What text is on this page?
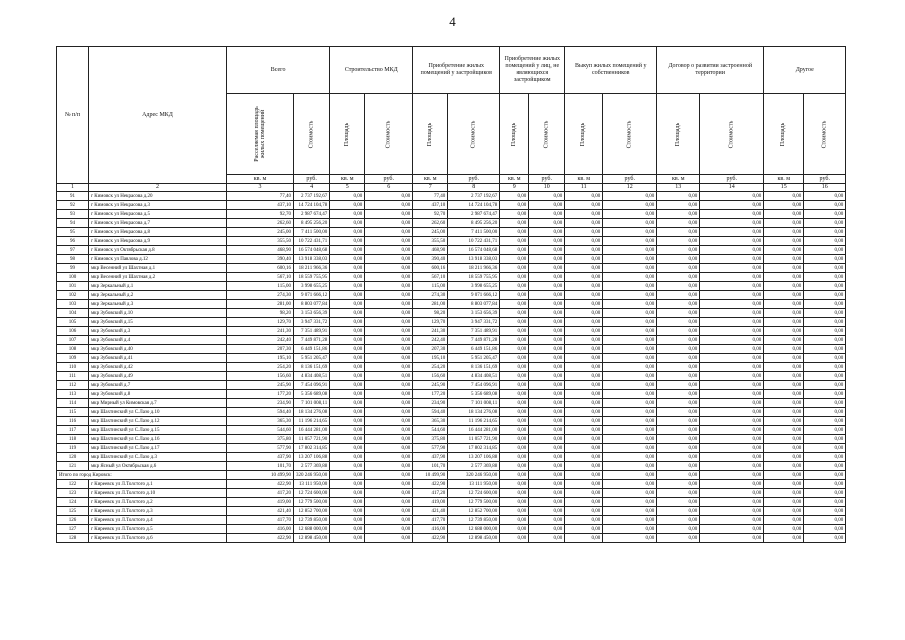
4
№ п/п	Адрес МКД	Всего		Строительство МКД		Приобретение жилых помещений у застройщиков		Приобретение жилых помещений у лиц, не являющихся застройщиком		Выкуп жилых помещений у собственников		Договор о развитии застроенной территории		Другое	
		Расселяемая площадь жилых помещений	Стоимость	Площадь	Стоимость	Площадь	Стоимость	Площадь	Стоимость	Площадь	Стоимость	Площадь	Стоимость	Площадь	Стоимость
		кв. м	руб.	кв. м	руб.	кв. м	руб.	кв. м	руб.	кв. м	руб.	кв. м	руб.	кв. м	руб.
1	2	3	4	5	6	7	8	9	10	11	12	13	14	15	16
91	г Кимовск ул Некрасова д.20	77,40	2 737 192,67	0,00	0,00	77,40	2 737 192,67	0,00	0,00	0,00	0,00	0,00	0,00	0,00	0,00
92	г Кимовск ул Некрасова д.3	437,10	14 724 104,78	0,00	0,00	437,10	14 724 104,78	0,00	0,00	0,00	0,00	0,00	0,00	0,00	0,00
93	г Кимовск ул Некрасова д.5	92,70	2 987 674,47	0,00	0,00	92,70	2 987 674,47	0,00	0,00	0,00	0,00	0,00	0,00	0,00	0,00
94	г Кимовск ул Некрасова д.7	262,60	8 495 256,20	0,00	0,00	262,60	8 495 256,20	0,00	0,00	0,00	0,00	0,00	0,00	0,00	0,00
95	г Кимовск ул Некрасова д.8	245,00	7 411 500,00	0,00	0,00	245,00	7 411 500,00	0,00	0,00	0,00	0,00	0,00	0,00	0,00	0,00
96	г Кимовск ул Некрасова д.9	355,50	10 722 431,71	0,00	0,00	355,50	10 722 431,71	0,00	0,00	0,00	0,00	0,00	0,00	0,00	0,00
97	г Кимовск ул Октябрьская д.8	468,90	16 574 048,68	0,00	0,00	468,90	16 574 048,68	0,00	0,00	0,00	0,00	0,00	0,00	0,00	0,00
98	г Кимовск ул Павлова д.12	390,40	13 918 338,03	0,00	0,00	390,40	13 918 338,03	0,00	0,00	0,00	0,00	0,00	0,00	0,00	0,00
99	мкр Весенний ул Шахтная д.1	600,16	18 211 966,36	0,00	0,00	600,16	18 211 966,36	0,00	0,00	0,00	0,00	0,00	0,00	0,00	0,00
100	мкр Весенний ул Шахтная д.2	567,10	18 559 755,95	0,00	0,00	567,10	18 559 755,95	0,00	0,00	0,00	0,00	0,00	0,00	0,00	0,00
101	мкр Зеркальный д.1	115,00	3 998 655,25	0,00	0,00	115,00	3 998 655,25	0,00	0,00	0,00	0,00	0,00	0,00	0,00	0,00
102	мкр Зеркальный д.2	274,30	9 071 666,12	0,00	0,00	274,30	9 071 666,12	0,00	0,00	0,00	0,00	0,00	0,00	0,00	0,00
103	мкр Зеркальный д.3	281,00	8 803 077,84	0,00	0,00	281,00	8 803 077,84	0,00	0,00	0,00	0,00	0,00	0,00	0,00	0,00
104	мкр Зубовский д.10	98,20	3 153 656,39	0,00	0,00	98,20	3 153 656,39	0,00	0,00	0,00	0,00	0,00	0,00	0,00	0,00
105	мкр Зубовский д.15	129,70	3 947 331,72	0,00	0,00	129,70	3 947 331,72	0,00	0,00	0,00	0,00	0,00	0,00	0,00	0,00
106	мкр Зубовский д.3	241,30	7 351 489,91	0,00	0,00	241,30	7 351 489,91	0,00	0,00	0,00	0,00	0,00	0,00	0,00	0,00
107	мкр Зубовский д.4	242,40	7 449 871,28	0,00	0,00	242,40	7 449 871,28	0,00	0,00	0,00	0,00	0,00	0,00	0,00	0,00
108	мкр Зубовский д.40	207,30	6 449 151,86	0,00	0,00	207,30	6 449 151,86	0,00	0,00	0,00	0,00	0,00	0,00	0,00	0,00
109	мкр Зубовский д.41	195,10	5 951 205,47	0,00	0,00	195,10	5 951 205,47	0,00	0,00	0,00	0,00	0,00	0,00	0,00	0,00
110	мкр Зубовский д.42	254,20	8 136 151,69	0,00	0,00	254,20	8 136 151,69	0,00	0,00	0,00	0,00	0,00	0,00	0,00	0,00
111	мкр Зубовский д.49	156,60	4 834 408,51	0,00	0,00	156,60	4 834 408,51	0,00	0,00	0,00	0,00	0,00	0,00	0,00	0,00
112	мкр Зубовский д.7	245,90	7 454 096,91	0,00	0,00	245,90	7 454 096,91	0,00	0,00	0,00	0,00	0,00	0,00	0,00	0,00
113	мкр Зубовский д.8	177,20	5 356 689,08	0,00	0,00	177,20	5 356 689,08	0,00	0,00	0,00	0,00	0,00	0,00	0,00	0,00
114	мкр Мирный ул Кимовская д.7	234,90	7 101 008,11	0,00	0,00	234,90	7 101 008,11	0,00	0,00	0,00	0,00	0,00	0,00	0,00	0,00
115	мкр Шахтинский ул С.Лазо д.10	594,40	18 134 276,08	0,00	0,00	594,40	18 134 276,08	0,00	0,00	0,00	0,00	0,00	0,00	0,00	0,00
116	мкр Шахтинский ул С.Лазо д.12	365,30	11 196 214,65	0,00	0,00	365,30	11 196 214,65	0,00	0,00	0,00	0,00	0,00	0,00	0,00	0,00
117	мкр Шахтинский ул С.Лазо д.15	544,60	16 444 281,00	0,00	0,00	544,60	16 444 281,00	0,00	0,00	0,00	0,00	0,00	0,00	0,00	0,00
118	мкр Шахтинский ул С.Лазо д.16	375,80	11 057 721,90	0,00	0,00	375,80	11 057 721,90	0,00	0,00	0,00	0,00	0,00	0,00	0,00	0,00
119	мкр Шахтинский ул С.Лазо д.17	577,90	17 802 314,85	0,00	0,00	577,90	17 802 314,85	0,00	0,00	0,00	0,00	0,00	0,00	0,00	0,00
120	мкр Шахтинский ул С.Лазо д.3	437,90	13 207 106,88	0,00	0,00	437,90	13 207 106,88	0,00	0,00	0,00	0,00	0,00	0,00	0,00	0,00
121	мкр Ясный ул Октябрьская д.6	101,70	2 577 369,88	0,00	0,00	101,70	2 577 369,88	0,00	0,00	0,00	0,00	0,00	0,00	0,00	0,00
Итого по город Кировск:		10 499,90	320 246 950,00	0,00	0,00	10 499,90	320 246 950,00	0,00	0,00	0,00	0,00	0,00	0,00	0,00	0,00
122	г Киреевск ул Л.Толстого д.1	422,90	13 111 950,00	0,00	0,00	422,90	13 111 950,00	0,00	0,00	0,00	0,00	0,00	0,00	0,00	0,00
123	г Киреевск ул Л.Толстого д.10	417,20	12 724 600,00	0,00	0,00	417,20	12 724 600,00	0,00	0,00	0,00	0,00	0,00	0,00	0,00	0,00
124	г Киреевск ул Л.Толстого д.2	419,00	12 779 500,00	0,00	0,00	419,00	12 779 500,00	0,00	0,00	0,00	0,00	0,00	0,00	0,00	0,00
125	г Киреевск ул Л.Толстого д.3	421,40	12 852 700,00	0,00	0,00	421,40	12 852 700,00	0,00	0,00	0,00	0,00	0,00	0,00	0,00	0,00
126	г Киреевск ул Л.Толстого д.4	417,70	12 739 850,00	0,00	0,00	417,70	12 739 850,00	0,00	0,00	0,00	0,00	0,00	0,00	0,00	0,00
127	г Киреевск ул Л.Толстого д.5	416,00	12 688 000,00	0,00	0,00	416,00	12 688 000,00	0,00	0,00	0,00	0,00	0,00	0,00	0,00	0,00
128	г Киреевск ул Л.Толстого д.6	422,90	12 898 450,00	0,00	0,00	422,90	12 898 450,00	0,00	0,00	0,00	0,00	0,00	0,00	0,00	0,00
